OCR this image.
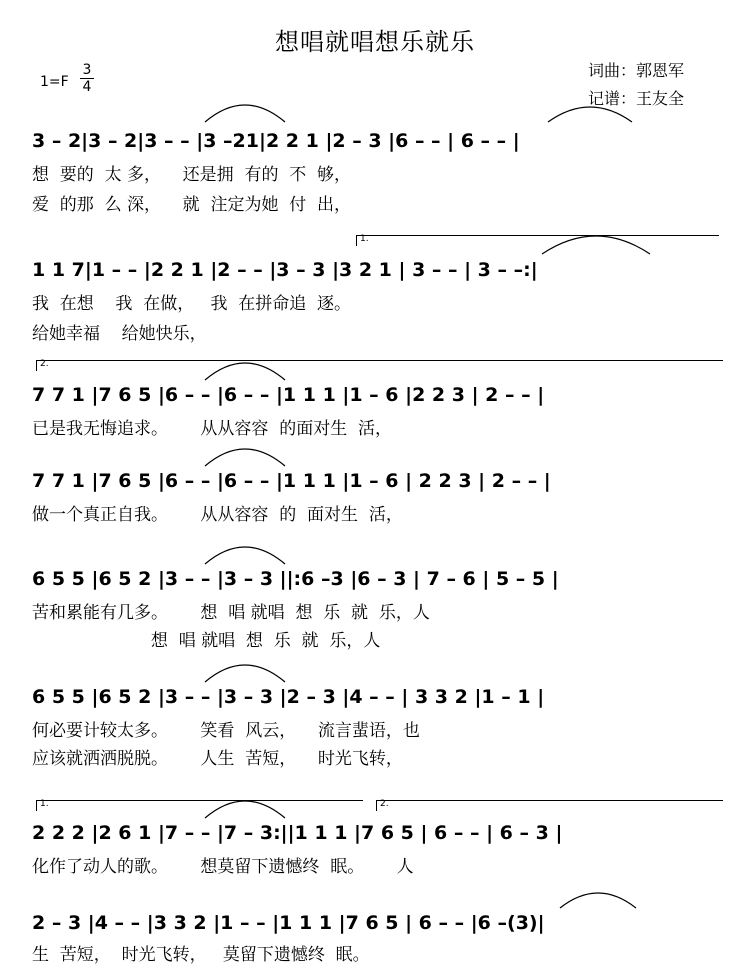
想唱就唱想乐就乐
词曲：郭恩军
记谱：王友全
1=F
3
4
3 – 2|3 – 2|3 – – |3 –21|2 2 1 |2 – 3 |6 – – | 6 – – |
想  要的  太 多，    还是拥  有的  不  够，
爱  的那  么 深，    就  注定为她  付  出，
1.
1 1 7|1 – – |2 2 1 |2 – – |3 – 3 |3 2 1 | 3 – – | 3 – –:|
我  在想    我  在做，   我  在拼命追  逐。
给她幸福    给她快乐，
2.
7 7 1 |7 6 5 |6 – – |6 – – |1 1 1 |1 – 6 |2 2 3 | 2 – – |
已是我无悔追求。      从从容容  的面对生  活，
7 7 1 |7 6 5 |6 – – |6 – – |1 1 1 |1 – 6 | 2 2 3 | 2 – – |
做一个真正自我。      从从容容  的  面对生  活，
6 5 5 |6 5 2 |3 – – |3 – 3 ||:6 –3 |6 – 3 | 7 – 6 | 5 – 5 |
苦和累能有几多。      想  唱 就唱  想  乐  就  乐，人
想  唱 就唱  想  乐  就  乐，人
6 5 5 |6 5 2 |3 – – |3 – 3 |2 – 3 |4 – – | 3 3 2 |1 – 1 |
何必要计较太多。      笑看  风云，    流言蜚语，也
应该就洒洒脱脱。      人生  苦短，    时光飞转，
1.	2.
2 2 2 |2 6 1 |7 – – |7 – 3:||1 1 1 |7 6 5 | 6 – – | 6 – 3 |
化作了动人的歌。      想莫留下遗憾终  眠。      人
2 – 3 |4 – – |3 3 2 |1 – – |1 1 1 |7 6 5 | 6 – – |6 –(3)|
生  苦短，  时光飞转，   莫留下遗憾终  眠。
